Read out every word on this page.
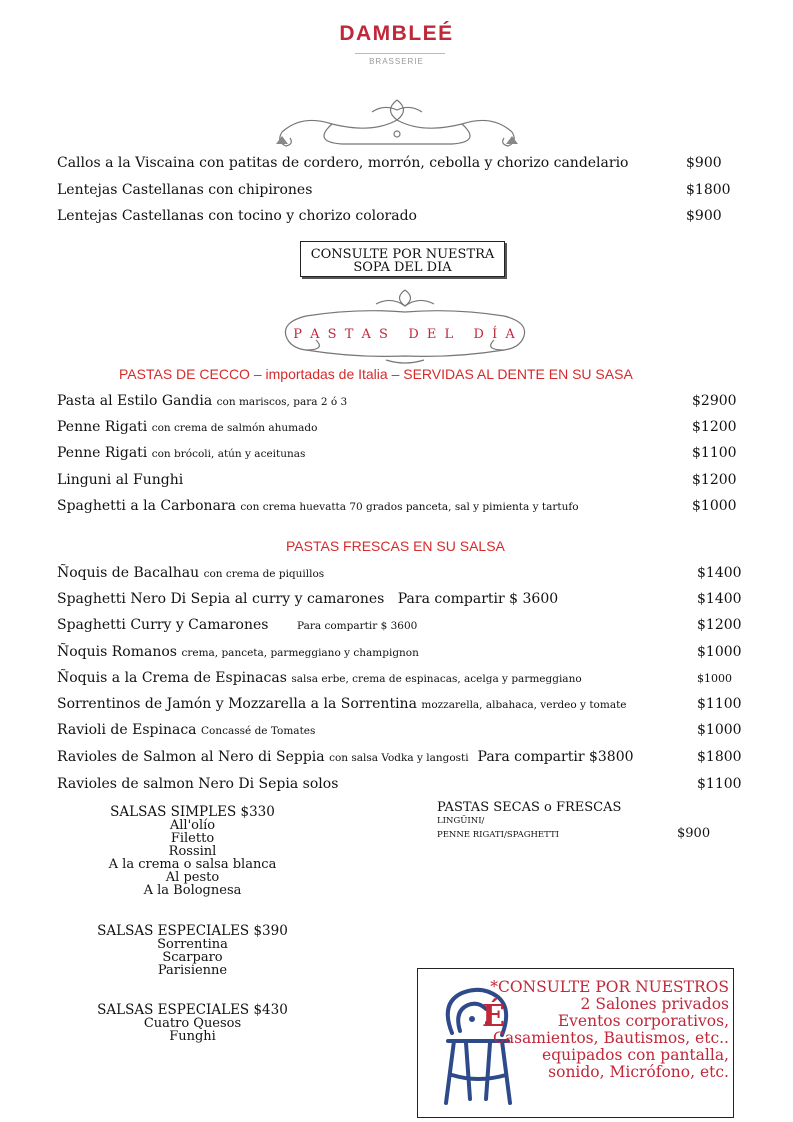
DAMBLEÉ
BRASSERIE
Callos a la Viscaina con patitas de cordero, morrón, cebolla y chorizo candelario	$900
Lentejas Castellanas con chipirones	$1800
Lentejas Castellanas con tocino y chorizo colorado	$900
CONSULTE POR NUESTRA
SOPA DEL DIA
P A S T A S   D E L   D Í A
PASTAS DE CECCO – importadas de Italia – SERVIDAS AL DENTE EN SU SASA
Pasta al Estilo Gandia con mariscos, para 2 ó 3	$2900
Penne Rigati con crema de salmón ahumado	$1200
Penne Rigati con brócoli, atún y aceitunas	$1100
Linguni al Funghi	$1200
Spaghetti a la Carbonara con crema huevatta 70 grados panceta, sal y pimienta y tartufo	$1000
PASTAS FRESCAS EN SU SALSA
Ñoquis de Bacalhau con crema de piquillos	$1400
Spaghetti Nero Di Sepia al curry y camarones Para compartir $ 3600	$1400
Spaghetti Curry y Camarones	Para compartir $ 3600	$1200
Ñoquis Romanos crema, panceta, parmeggiano y champignon	$1000
Ñoquis a la Crema de Espinacas salsa erbe, crema de espinacas, acelga y parmeggiano	$1000
Sorrentinos de Jamón y Mozzarella a la Sorrentina mozzarella, albahaca, verdeo y tomate	$1100
Ravioli de Espinaca Concassé de Tomates	$1000
Ravioles de Salmon al Nero di Seppia con salsa Vodka y langosti Para compartir $3800	$1800
Ravioles de salmon Nero Di Sepia solos	$1100
SALSAS SIMPLES $330
All'olío
Filetto
Rossinl
A la crema o salsa blanca
Al pesto
A la Bolognesa
SALSAS ESPECIALES $390
Sorrentina
Scarparo
Parisienne
SALSAS ESPECIALES $430
Cuatro Quesos
Funghi
PASTAS SECAS o FRESCAS
LINGÜINI/
PENNE RIGATI/SPAGHETTI	$900
É
*CONSULTE POR NUESTROS
2 Salones privados
Eventos corporativos,
Casamientos, Bautismos, etc..
equipados con pantalla,
sonido, Micrófono, etc.
